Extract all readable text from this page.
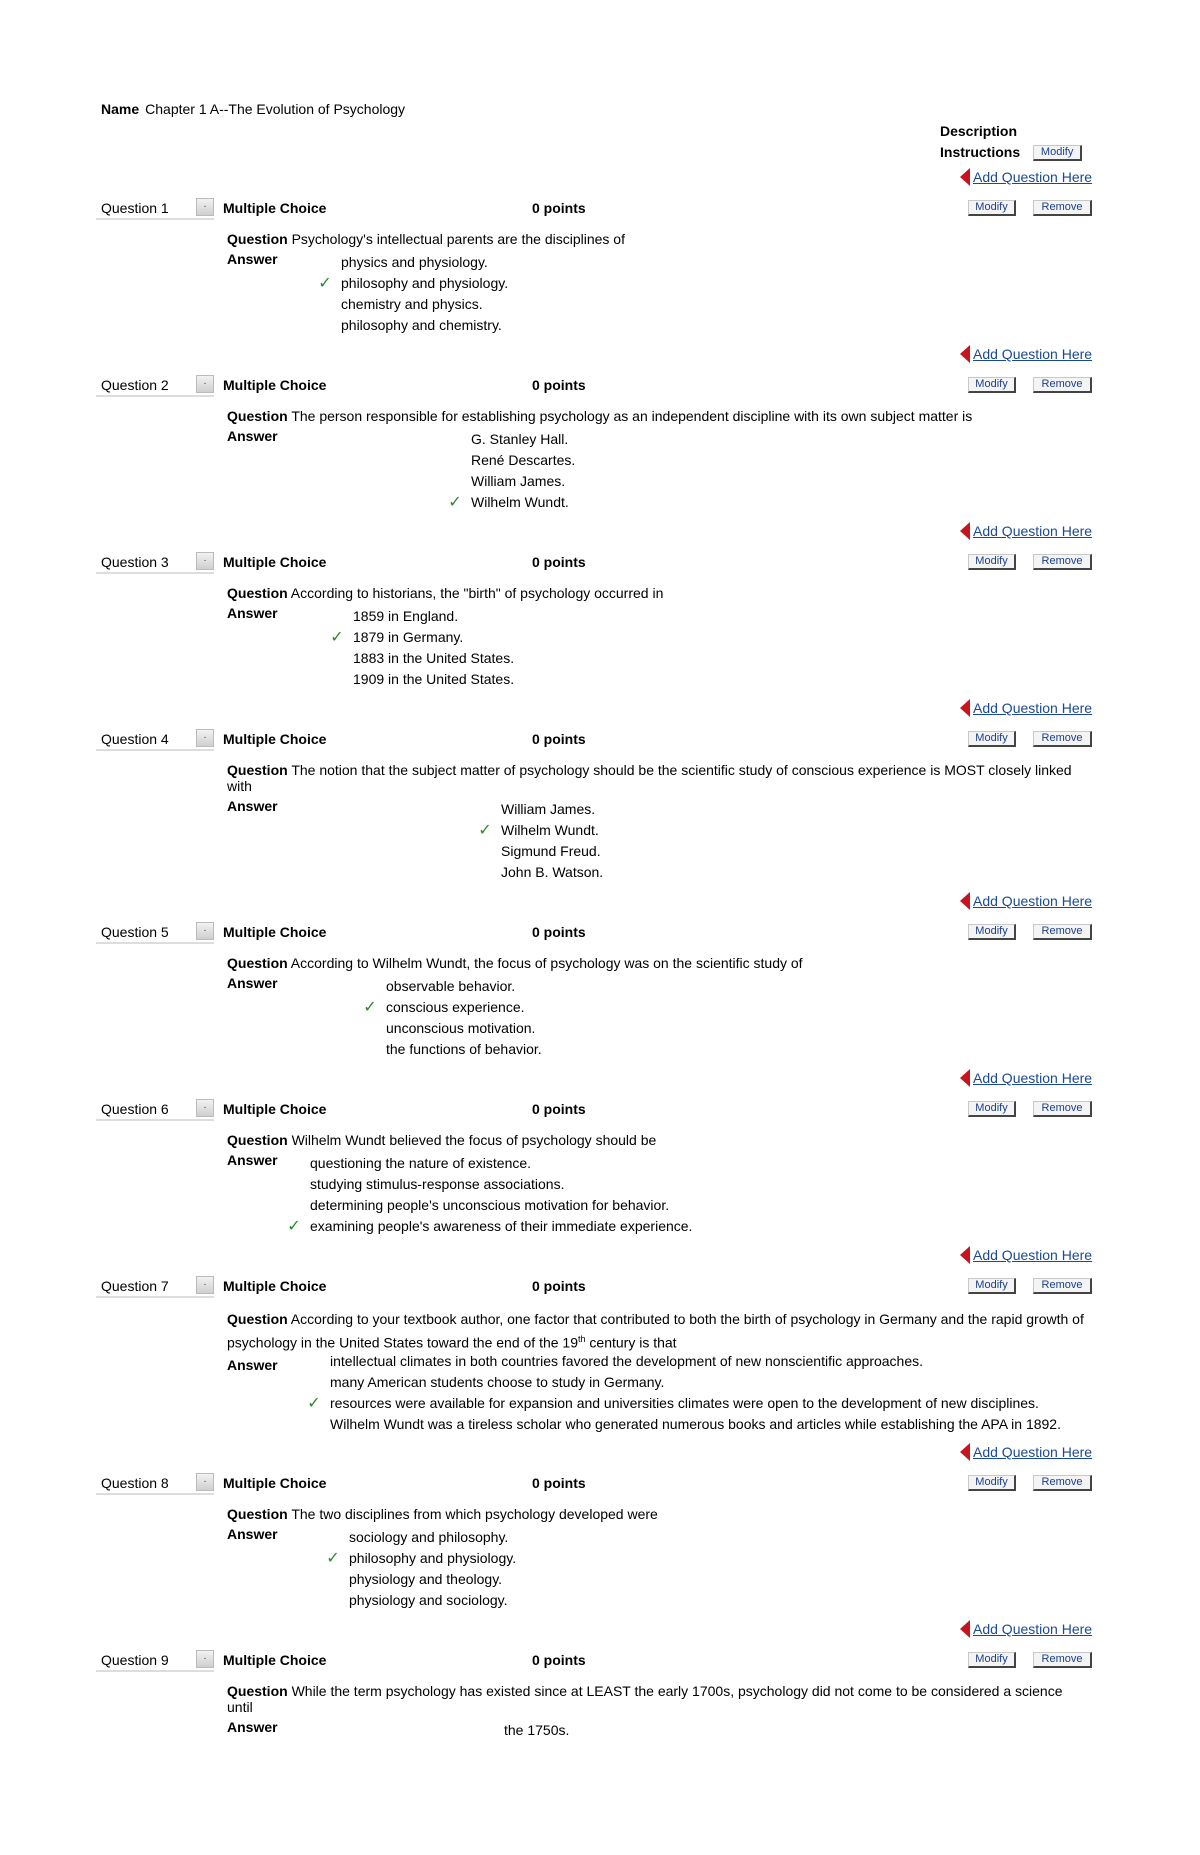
Name Chapter 1 A--The Evolution of Psychology
Description
Instructions	Modify
Add Question Here
Add Question Here
Add Question Here
Add Question Here
Add Question Here
Add Question Here
Add Question Here
Add Question Here
Add Question Here
Question 1	·	Multiple Choice	0 points	Modify	Remove
Question Psychology's intellectual parents are the disciplines of
Answer	physics and physiology.
✓ philosophy and physiology.
chemistry and physics.
philosophy and chemistry.
Question 2	·	Multiple Choice	0 points	Modify	Remove
Question The person responsible for establishing psychology as an independent discipline with its own subject matter is
Answer	G. Stanley Hall.
René Descartes.
William James.
✓ Wilhelm Wundt.
Question 3	·	Multiple Choice	0 points	Modify	Remove
Question According to historians, the "birth" of psychology occurred in
Answer	1859 in England.
✓ 1879 in Germany.
1883 in the United States.
1909 in the United States.
Question 4	·	Multiple Choice	0 points	Modify	Remove
Question The notion that the subject matter of psychology should be the scientific study of conscious experience is MOST closely linked with
Answer	William James.
✓ Wilhelm Wundt.
Sigmund Freud.
John B. Watson.
Question 5	·	Multiple Choice	0 points	Modify	Remove
Question According to Wilhelm Wundt, the focus of psychology was on the scientific study of
Answer	observable behavior.
✓ conscious experience.
unconscious motivation.
the functions of behavior.
Question 6	·	Multiple Choice	0 points	Modify	Remove
Question Wilhelm Wundt believed the focus of psychology should be
Answer	questioning the nature of existence.
studying stimulus-response associations.
determining people's unconscious motivation for behavior.
✓ examining people's awareness of their immediate experience.
Question 7	·	Multiple Choice	0 points	Modify	Remove
Question According to your textbook author, one factor that contributed to both the birth of psychology in Germany and the rapid growth of psychology in the United States toward the end of the 19th century is that
Answer	intellectual climates in both countries favored the development of new nonscientific approaches.
many American students choose to study in Germany.
✓ resources were available for expansion and universities climates were open to the development of new disciplines.
Wilhelm Wundt was a tireless scholar who generated numerous books and articles while establishing the APA in 1892.
Question 8	·	Multiple Choice	0 points	Modify	Remove
Question The two disciplines from which psychology developed were
Answer	sociology and philosophy.
✓ philosophy and physiology.
physiology and theology.
physiology and sociology.
Question 9	·	Multiple Choice	0 points	Modify	Remove
Question While the term psychology has existed since at LEAST the early 1700s, psychology did not come to be considered a science until
Answer	the 1750s.
